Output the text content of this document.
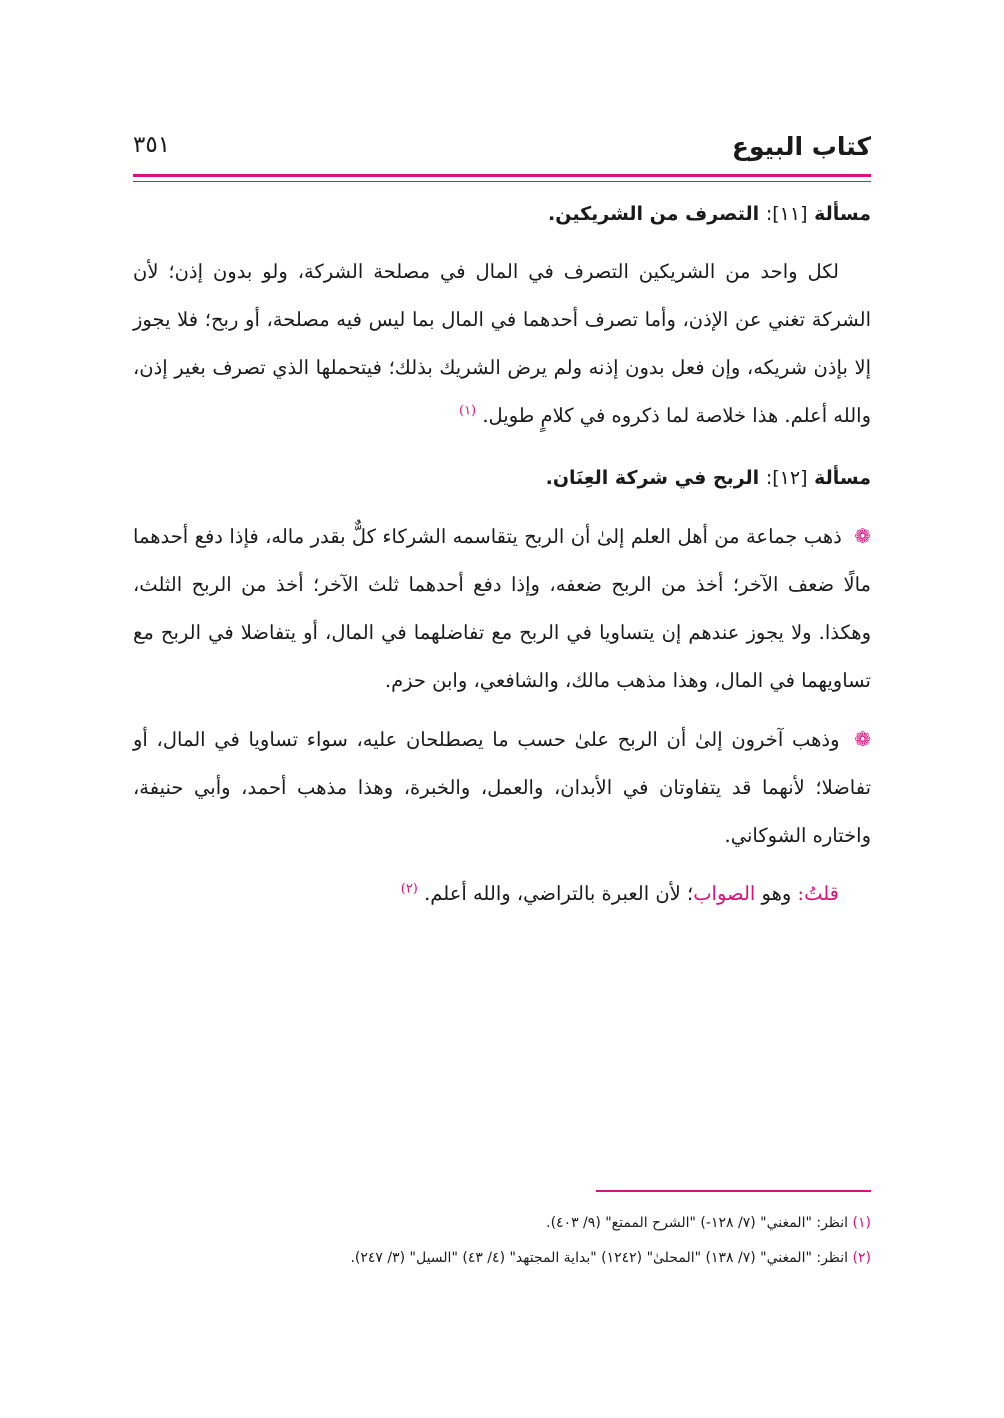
كتاب البيوع
٣٥١

مسألة [١١]: التصرف من الشريكين.

لكل واحد من الشريكين التصرف في المال في مصلحة الشركة، ولو بدون إذن؛ لأن الشركة تغني عن الإذن، وأما تصرف أحدهما في المال بما ليس فيه مصلحة، أو ربح؛ فلا يجوز إلا بإذن شريكه، وإن فعل بدون إذنه ولم يرض الشريك بذلك؛ فيتحملها الذي تصرف بغير إذن، والله أعلم. هذا خلاصة لما ذكروه في كلامٍ طويل. $^{(١)}$

مسألة [١٢]: الربح في شركة العِنَان.

❁ ذهب جماعة من أهل العلم إلىٰ أن الربح يتقاسمه الشركاء كلٌّ بقدر ماله، فإذا دفع أحدهما مالًا ضعف الآخر؛ أخذ من الربح ضعفه، وإذا دفع أحدهما ثلث الآخر؛ أخذ من الربح الثلث، وهكذا. ولا يجوز عندهم إن يتساويا في الربح مع تفاضلهما في المال، أو يتفاضلا في الربح مع تساويهما في المال، وهذا مذهب مالك، والشافعي، وابن حزم.

❁ وذهب آخرون إلىٰ أن الربح علىٰ حسب ما يصطلحان عليه، سواء تساويا في المال، أو تفاضلا؛ لأنهما قد يتفاوتان في الأبدان، والعمل، والخبرة، وهذا مذهب أحمد، وأبي حنيفة، واختاره الشوكاني.

قلتُ: وهو الصواب؛ لأن العبرة بالتراضي، والله أعلم. $^{(٢)}$

(١) انظر: "المغني" (٧/ ١٢٨-) "الشرح الممتع" (٩/ ٤٠٣).

(٢) انظر: "المغني" (٧/ ١٣٨) "المحلىٰ" (١٢٤٢) "بداية المجتهد" (٤/ ٤٣) "السيل" (٣/ ٢٤٧).
